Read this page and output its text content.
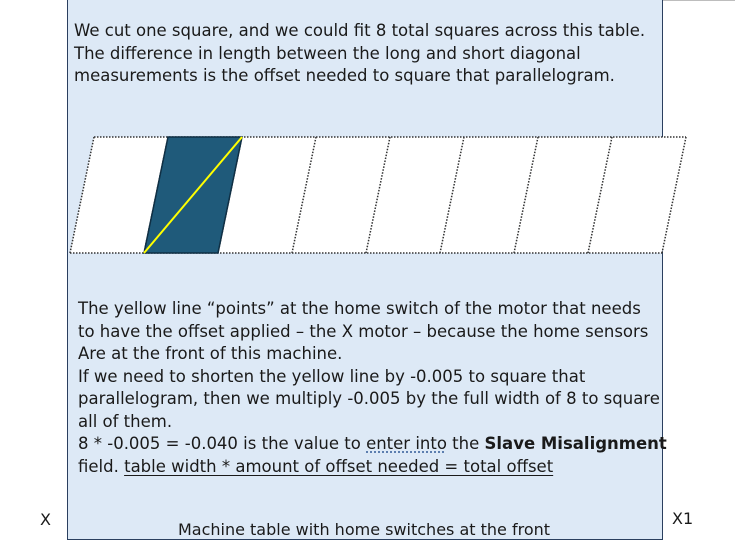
We cut one square, and we could fit 8 total squares across this table.
The difference in length between the long and short diagonal
measurements is the offset needed to square that parallelogram.
The yellow line “points” at the home switch of the motor that needs
to have the offset applied – the X motor – because the home sensors
Are at the front of this machine.
If we need to shorten the yellow line by -0.005 to square that
parallelogram, then we multiply -0.005 by the full width of 8 to square
all of them.
8 * -0.005 = -0.040 is the value to enter into the Slave Misalignment
field. table width * amount of offset needed = total offset
X	X1
Machine table with home switches at the front
